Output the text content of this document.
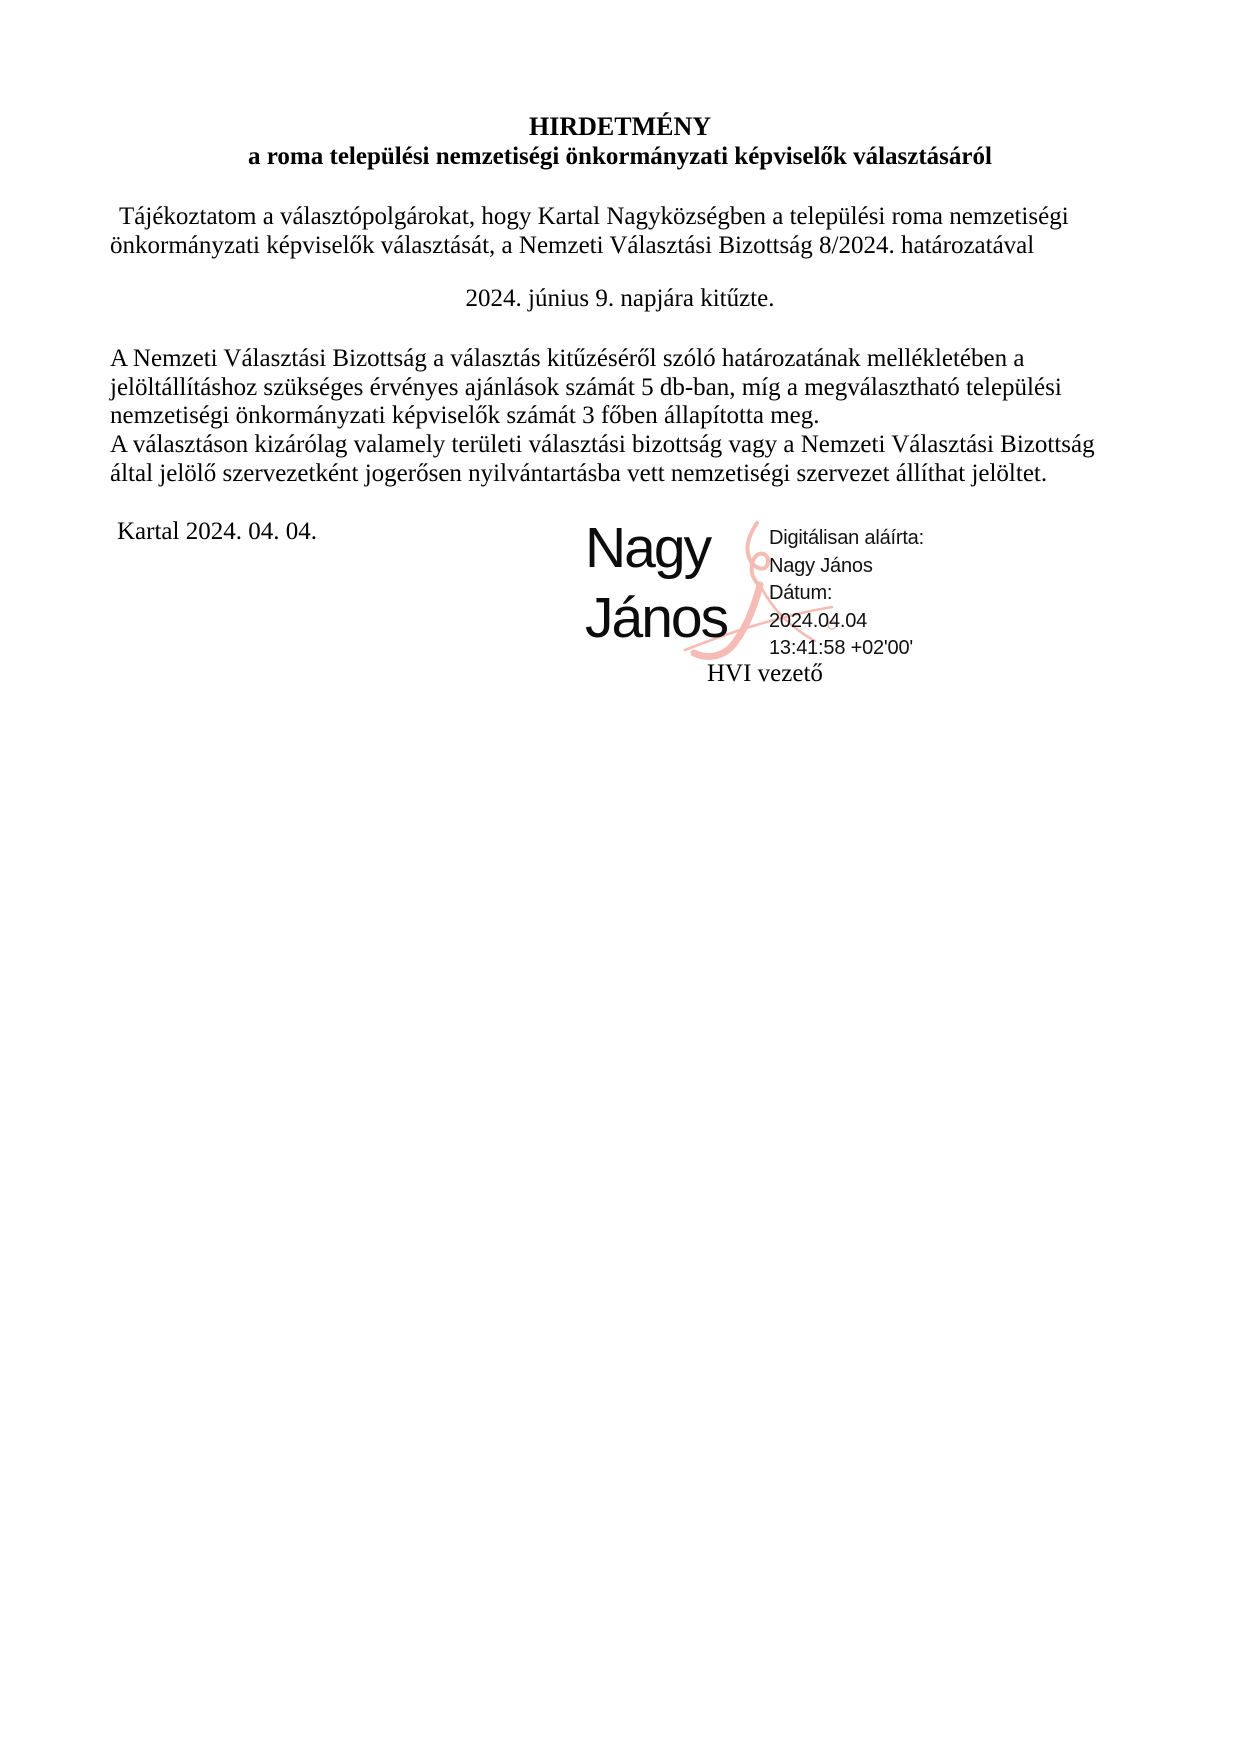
HIRDETMÉNY
a roma települési nemzetiségi önkormányzati képviselők választásáról

Tájékoztatom a választópolgárokat, hogy Kartal Nagyközségben a települési roma nemzetiségi önkormányzati képviselők választását, a Nemzeti Választási Bizottság 8/2024. határozatával

2024. június 9. napjára kitűzte.

A Nemzeti Választási Bizottság a választás kitűzéséről szóló határozatának mellékletében a jelöltállításhoz szükséges érvényes ajánlások számát 5 db-ban, míg a megválasztható települési nemzetiségi önkormányzati képviselők számát 3 főben állapította meg.

A választáson kizárólag valamely területi választási bizottság vagy a Nemzeti Választási Bizottság által jelölő szervezetként jogerősen nyilvántartásba vett nemzetiségi szervezet állíthat jelöltet.

Kartal 2024. 04. 04.	Nagy
János
Digitálisan aláírta:
Nagy János
Dátum:
2024.04.04
13:41:58 +02'00'
HVI vezető
